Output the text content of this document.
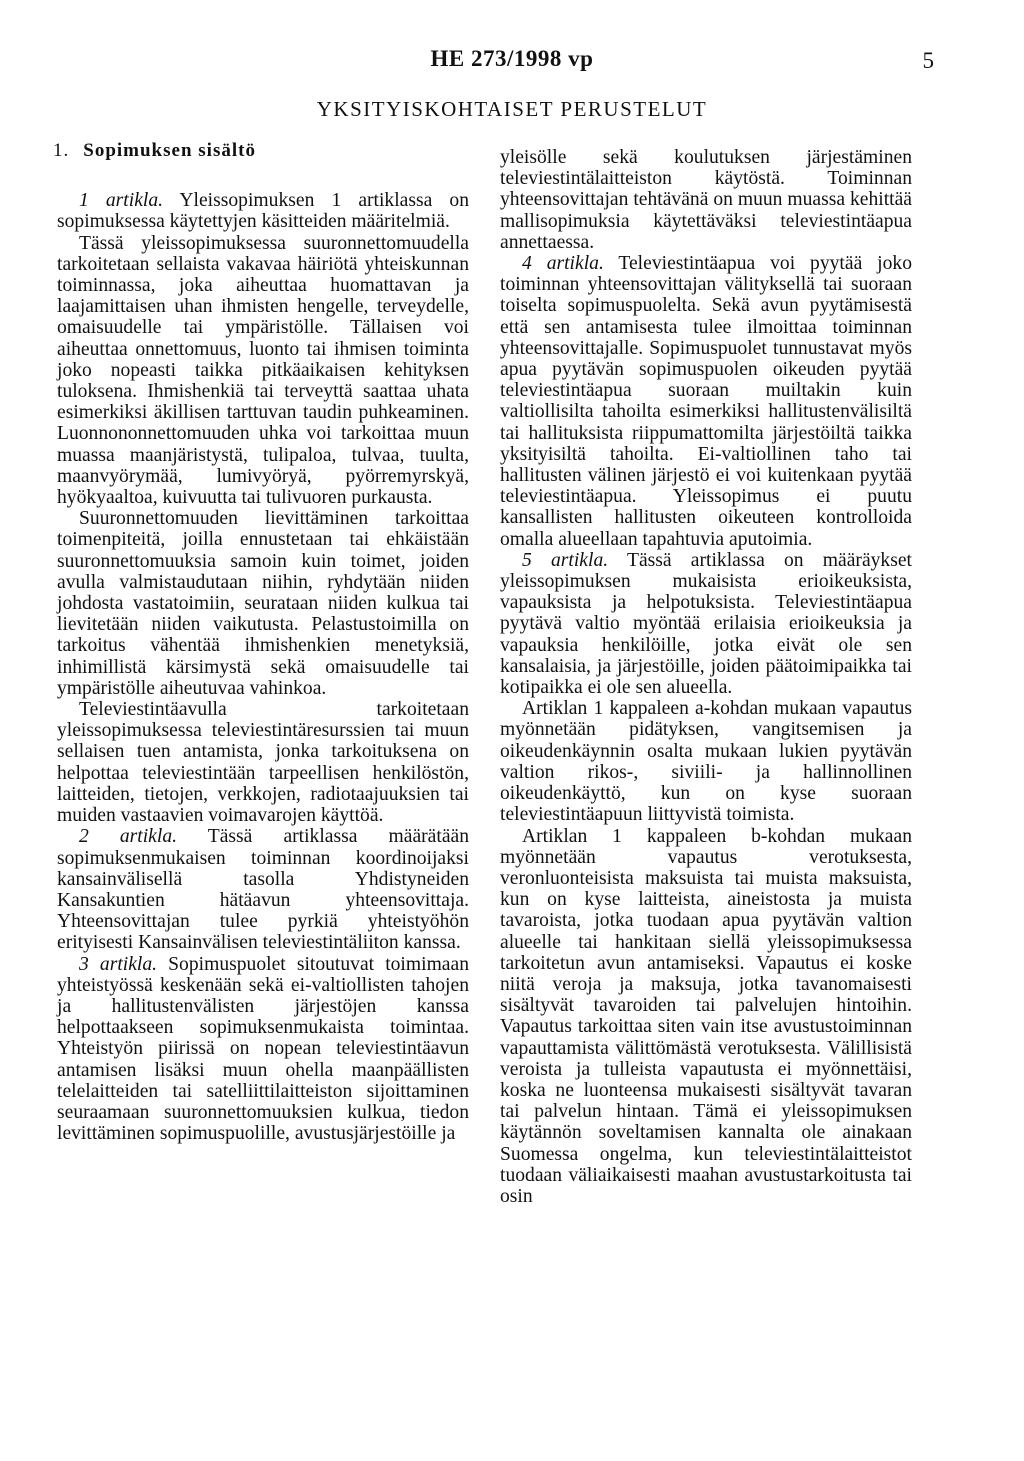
HE 273/1998 vp	5
YKSITYISKOHTAISET PERUSTELUT
1. Sopimuksen sisältö

1 artikla. Yleissopimuksen 1 artiklassa on sopimuksessa käytettyjen käsitteiden määritelmiä.

Tässä yleissopimuksessa suuronnettomuudella tarkoitetaan sellaista vakavaa häiriötä yhteiskunnan toiminnassa, joka aiheuttaa huomattavan ja laajamittaisen uhan ihmisten hengelle, terveydelle, omaisuudelle tai ympäristölle. Tällaisen voi aiheuttaa onnettomuus, luonto tai ihmisen toiminta joko nopeasti taikka pitkäaikaisen kehityksen tuloksena. Ihmishenkiä tai terveyttä saattaa uhata esimerkiksi äkillisen tarttuvan taudin puhkeaminen. Luonnononnettomuuden uhka voi tarkoittaa muun muassa maanjäristystä, tulipaloa, tulvaa, tuulta, maanvyörymää, lumivyöryä, pyörremyrskyä, hyökyaaltoa, kuivuutta tai tulivuoren purkausta.

Suuronnettomuuden lievittäminen tarkoittaa toimenpiteitä, joilla ennustetaan tai ehkäistään suuronnettomuuksia samoin kuin toimet, joiden avulla valmistaudutaan niihin, ryhdytään niiden johdosta vastatoimiin, seurataan niiden kulkua tai lievitetään niiden vaikutusta. Pelastustoimilla on tarkoitus vähentää ihmishenkien menetyksiä, inhimillistä kärsimystä sekä omaisuudelle tai ympäristölle aiheutuvaa vahinkoa.

Televiestintäavulla tarkoitetaan yleissopimuksessa televiestintäresurssien tai muun sellaisen tuen antamista, jonka tarkoituksena on helpottaa televiestintään tarpeellisen henkilöstön, laitteiden, tietojen, verkkojen, radiotaajuuksien tai muiden vastaavien voimavarojen käyttöä.

2 artikla. Tässä artiklassa määrätään sopimuksenmukaisen toiminnan koordinoijaksi kansainvälisellä tasolla Yhdistyneiden Kansakuntien hätäavun yhteensovittaja. Yhteensovittajan tulee pyrkiä yhteistyöhön erityisesti Kansainvälisen televiestintäliiton kanssa.

3 artikla. Sopimuspuolet sitoutuvat toimimaan yhteistyössä keskenään sekä ei-valtiollisten tahojen ja hallitustenvälisten järjestöjen kanssa helpottaakseen sopimuksenmukaista toimintaa. Yhteistyön piirissä on nopean televiestintäavun antamisen lisäksi muun ohella maanpäällisten telelaitteiden tai satelliittilaitteiston sijoittaminen seuraamaan suuronnettomuuksien kulkua, tiedon levittäminen sopimuspuolille, avustusjärjestöille ja

yleisölle sekä koulutuksen järjestäminen televiestintälaitteiston käytöstä. Toiminnan yhteensovittajan tehtävänä on muun muassa kehittää mallisopimuksia käytettäväksi televiestintäapua annettaessa.

4 artikla. Televiestintäapua voi pyytää joko toiminnan yhteensovittajan välityksellä tai suoraan toiselta sopimuspuolelta. Sekä avun pyytämisestä että sen antamisesta tulee ilmoittaa toiminnan yhteensovittajalle. Sopimuspuolet tunnustavat myös apua pyytävän sopimuspuolen oikeuden pyytää televiestintäapua suoraan muiltakin kuin valtiollisilta tahoilta esimerkiksi hallitustenvälisiltä tai hallituksista riippumattomilta järjestöiltä taikka yksityisiltä tahoilta. Ei-valtiollinen taho tai hallitusten välinen järjestö ei voi kuitenkaan pyytää televiestintäapua. Yleissopimus ei puutu kansallisten hallitusten oikeuteen kontrolloida omalla alueellaan tapahtuvia aputoimia.

5 artikla. Tässä artiklassa on määräykset yleissopimuksen mukaisista erioikeuksista, vapauksista ja helpotuksista. Televiestintäapua pyytävä valtio myöntää erilaisia erioikeuksia ja vapauksia henkilöille, jotka eivät ole sen kansalaisia, ja järjestöille, joiden päätoimipaikka tai kotipaikka ei ole sen alueella.

Artiklan 1 kappaleen a-kohdan mukaan vapautus myönnetään pidätyksen, vangitsemisen ja oikeudenkäynnin osalta mukaan lukien pyytävän valtion rikos-, siviili- ja hallinnollinen oikeudenkäyttö, kun on kyse suoraan televiestintäapuun liittyvistä toimista.

Artiklan 1 kappaleen b-kohdan mukaan myönnetään vapautus verotuksesta, veronluonteisista maksuista tai muista maksuista, kun on kyse laitteista, aineistosta ja muista tavaroista, jotka tuodaan apua pyytävän valtion alueelle tai hankitaan siellä yleissopimuksessa tarkoitetun avun antamiseksi. Vapautus ei koske niitä veroja ja maksuja, jotka tavanomaisesti sisältyvät tavaroiden tai palvelujen hintoihin. Vapautus tarkoittaa siten vain itse avustustoiminnan vapauttamista välittömästä verotuksesta. Välillisistä veroista ja tulleista vapautusta ei myönnettäisi, koska ne luonteensa mukaisesti sisältyvät tavaran tai palvelun hintaan. Tämä ei yleissopimuksen käytännön soveltamisen kannalta ole ainakaan Suomessa ongelma, kun televiestintälaitteistot tuodaan väliaikaisesti maahan avustustarkoitusta tai osin
